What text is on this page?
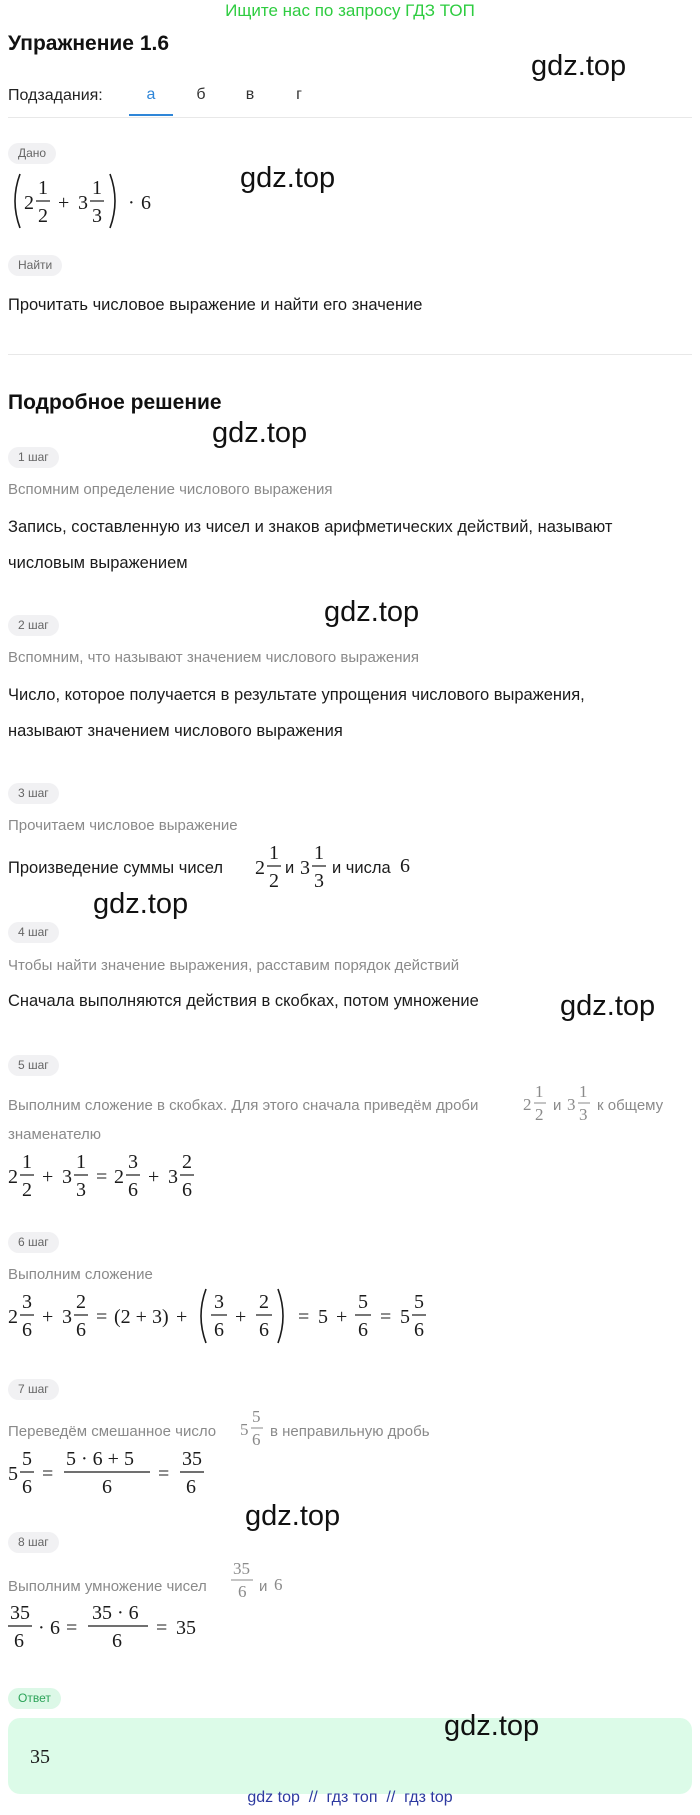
Ищите нас по запросу ГДЗ ТОП
Упражнение 1.6
gdz.top
Подзадания:	а	б	в	г
Дано
2
1
2
+ 3
1
3
· 6
gdz.top
Найти
Прочитать числовое выражение и найти его значение
Подробное решение
gdz.top
1 шаг
Вспомним определение числового выражения
Запись, составленную из чисел и знаков арифметических действий, называют
числовым выражением
gdz.top
2 шаг
Вспомним, что называют значением числового выражения
Число, которое получается в результате упрощения числового выражения,
называют значением числового выражения
3 шаг
Прочитаем числовое выражение
Произведение суммы чисел 2
1
2
и 3
1
3
и числа 6
gdz.top
4 шаг
Чтобы найти значение выражения, расставим порядок действий
Сначала выполняются действия в скобках, потом умножение	gdz.top
5 шаг
Выполним сложение в скобках. Для этого сначала приведём дроби	2
1
2 и 3
1
3 к общему
знаменателю
2
1
2
+ 3
1
3
= 2
3
6
+ 3
2
6
6 шаг
Выполним сложение
2
3
6
+ 3
2
6
= (2 + 3) +
3
6
+
2
6
= 5 +
5
6
= 5
5
6
7 шаг
Переведём смешанное число 5
5
6 в неправильную дробь
5
5
6
=
5 · 6 + 5
6
=
35
6
gdz.top
8 шаг
Выполним умножение чисел
35
6 и 6
35
6
· 6 =
35 · 6
6
= 35
Ответ
35
gdz.top
gdz top  //  гдз топ  //  гдз top
